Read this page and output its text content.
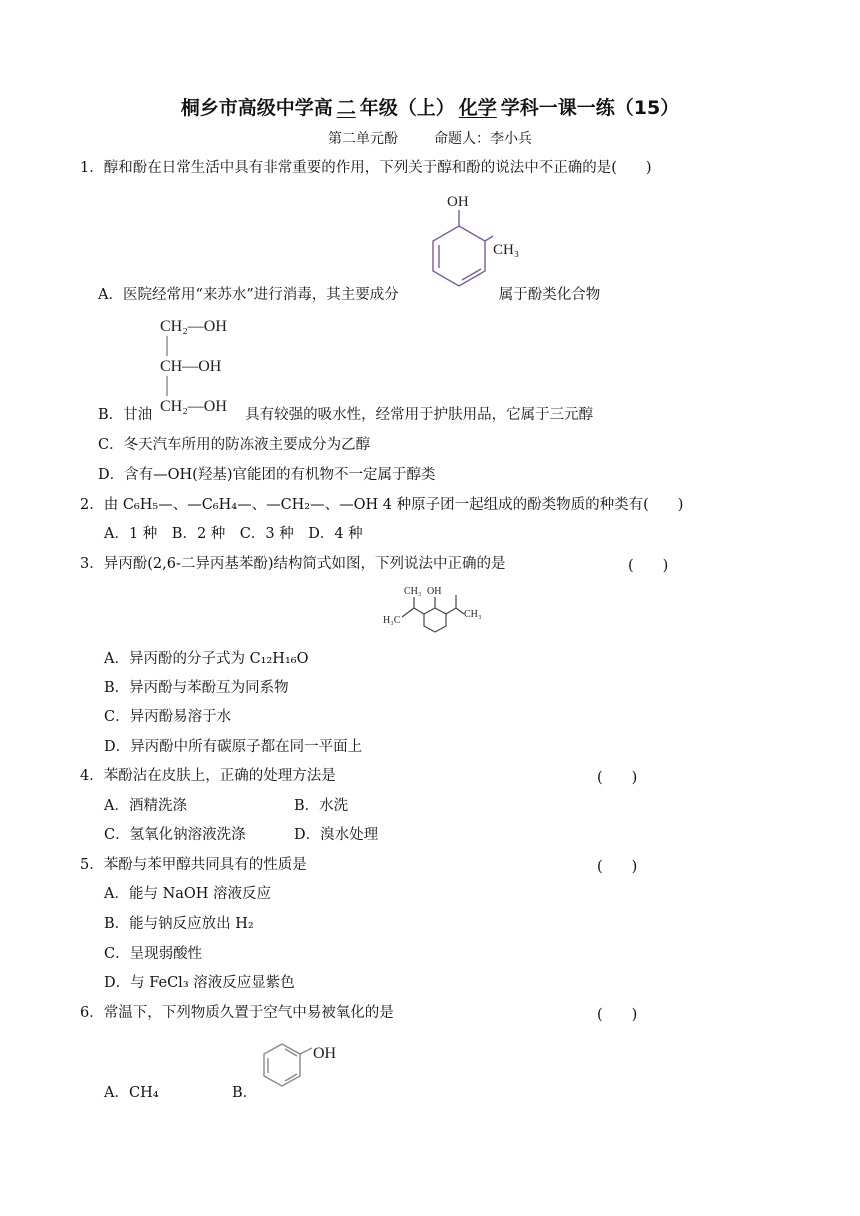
桐乡市高级中学高 二 年级（上） 化学 学科一课一练（15）
第二单元酚	命题人：李小兵
1．醇和酚在日常生活中具有非常重要的作用，下列关于醇和酚的说法中不正确的是(　　)
OH
CH₃
A．医院经常用“来苏水”进行消毒，其主要成分	属于酚类化合物
CH₂—OH
CH—OH
CH₂—OH
B．甘油	具有较强的吸水性，经常用于护肤用品，它属于三元醇
C．冬天汽车所用的防冻液主要成分为乙醇
D．含有—OH(羟基)官能团的有机物不一定属于醇类
2．由 C₆H₅—、—C₆H₄—、—CH₂—、—OH 4 种原子团一起组成的酚类物质的种类有(　　)
A．1 种　B．2 种　C．3 种　D．4 种
3．异丙酚(2,6-二异丙基苯酚)结构简式如图，下列说法中正确的是	(　　)
CH₃ OH
H₃C
CH₃
A．异丙酚的分子式为 C₁₂H₁₆O
B．异丙酚与苯酚互为同系物
C．异丙酚易溶于水
D．异丙酚中所有碳原子都在同一平面上
4．苯酚沾在皮肤上，正确的处理方法是	(　　)
A．酒精洗涤	B．水洗
C．氢氧化钠溶液洗涤	D．溴水处理
5．苯酚与苯甲醇共同具有的性质是	(　　)
A．能与 NaOH 溶液反应
B．能与钠反应放出 H₂
C．呈现弱酸性
D．与 FeCl₃ 溶液反应显紫色
6．常温下，下列物质久置于空气中易被氧化的是	(　　)
OH
A．CH₄	B．
